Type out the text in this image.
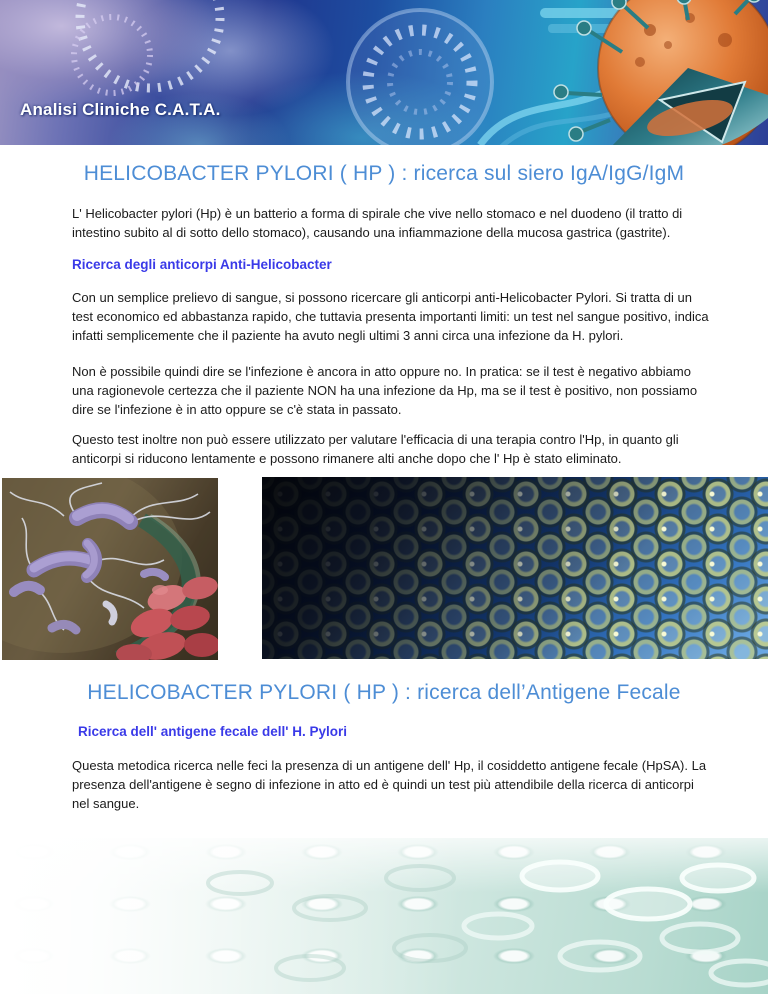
Analisi Cliniche C.A.T.A.
HELICOBACTER PYLORI ( HP ) : ricerca sul siero IgA/IgG/IgM
L' Helicobacter pylori (Hp) è un batterio a forma di spirale che vive nello stomaco e nel duodeno (il tratto di intestino subito al di sotto dello stomaco), causando una infiammazione della mucosa gastrica (gastrite).
Ricerca degli anticorpi Anti-Helicobacter
Con un semplice prelievo di sangue, si possono ricercare gli anticorpi anti-Helicobacter Pylori. Si tratta di un test economico ed abbastanza rapido, che tuttavia presenta importanti limiti: un test nel sangue positivo, indica infatti semplicemente che il paziente ha avuto negli ultimi 3 anni circa una infezione da H. pylori.
Non è possibile quindi dire se l'infezione è ancora in atto oppure no. In pratica: se il test è negativo abbiamo una ragionevole certezza che il paziente NON ha una infezione da Hp, ma se il test è positivo, non possiamo dire se l'infezione è in atto oppure se c'è stata in passato.
Questo test inoltre non può essere utilizzato per valutare l'efficacia di una terapia contro l'Hp, in quanto gli anticorpi si riducono lentamente e possono rimanere alti anche dopo che l' Hp è stato eliminato.
HELICOBACTER PYLORI ( HP ) : ricerca dell’Antigene Fecale
Ricerca dell' antigene fecale dell' H. Pylori
Questa metodica ricerca nelle feci la presenza di un antigene dell' Hp, il cosiddetto antigene fecale (HpSA). La presenza dell'antigene è segno di infezione in atto ed è quindi un test più attendibile della ricerca di anticorpi nel sangue.
